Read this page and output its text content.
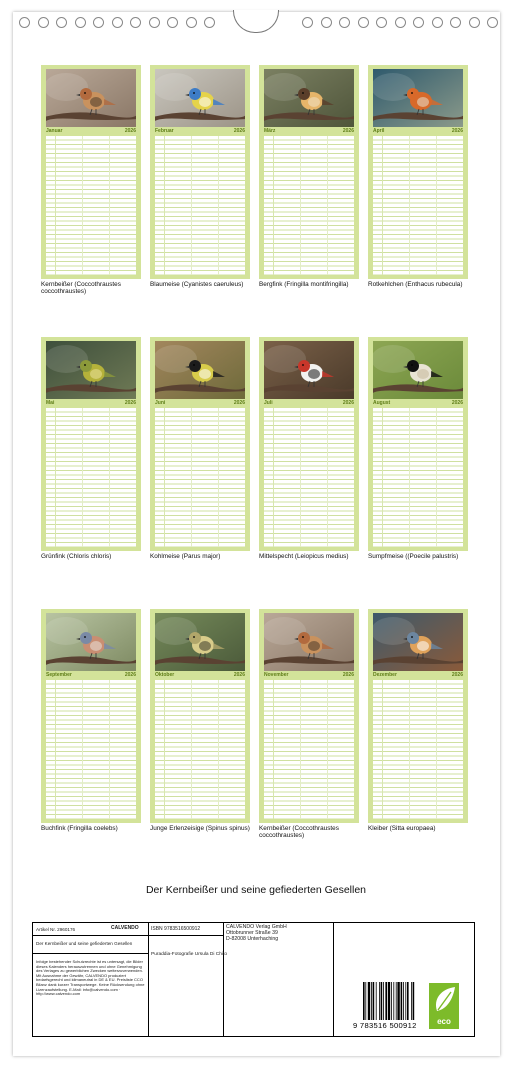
Januar	2026
Kernbeißer (Coccothraustes coccothraustes)
Februar	2026
Blaumeise (Cyanistes caeruleus)
März	2026
Bergfink (Fringilla montifringilla)
April	2026
Rotkehlchen (Enthacus rubecula)
Mai	2026
Grünfink (Chloris chloris)
Juni	2026
Kohlmeise (Parus major)
Juli	2026
Mittelspecht (Leiopicus medius)
August	2026
Sumpfmeise ((Poecile palustris)
September	2026
Buchfink (Fringilla coelebs)
Oktober	2026
Junge Erlenzeisige (Spinus spinus)
November	2026
Kernbeißer (Coccothraustes coccothraustes)
Dezember	2026
Kleiber (Sitta europaea)
Der Kernbeißer und seine gefiederten Gesellen
Artikel Nr. 2960176	CALVENDO
Der Kernbeißer und seine gefiederten Gesellen
Infolge bestehender Schutzrechte ist es untersagt, die Bilder dieses Kalenders herauszutrennen und ohne Genehmigung des Verlages zu gewerblichen Zwecken weiterzuverwenden. Mit Ausnahme der Gewähr, CALVENDO produziert bedarfsgerecht und klimaneutral in DE & EU. Preisliste CCO Bilanz dank kurzer Transportwege. Keine Rücksendung ohne Lizenzaufstellung. E-Mail: info@calvendo.com · http://www.calvendo.com
ISBN 9783516500912	CALVENDO Verlag GmbH
Ottobrunner Straße 39
D-82008 Unterhaching
Puraddia-Fotografie Ursula Di Chito
9 783516 500912	eco
